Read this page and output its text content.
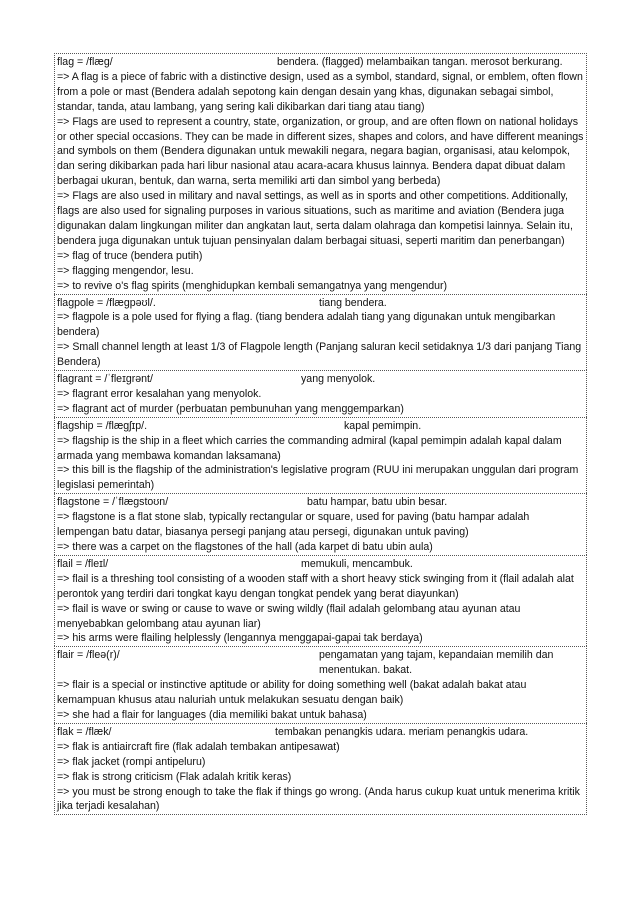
flag = /flæg/	bendera. (flagged) melambaikan tangan. merosot berkurang.
=> A flag is a piece of fabric with a distinctive design, used as a symbol, standard, signal, or emblem, often flown from a pole or mast (Bendera adalah sepotong kain dengan desain yang khas, digunakan sebagai simbol, standar, tanda, atau lambang, yang sering kali dikibarkan dari tiang atau tiang)
=> Flags are used to represent a country, state, organization, or group, and are often flown on national holidays or other special occasions. They can be made in different sizes, shapes and colors, and have different meanings and symbols on them (Bendera digunakan untuk mewakili negara, negara bagian, organisasi, atau kelompok, dan sering dikibarkan pada hari libur nasional atau acara-acara khusus lainnya. Bendera dapat dibuat dalam berbagai ukuran, bentuk, dan warna, serta memiliki arti dan simbol yang berbeda)
=> Flags are also used in military and naval settings, as well as in sports and other competitions. Additionally, flags are also used for signaling purposes in various situations, such as maritime and aviation (Bendera juga digunakan dalam lingkungan militer dan angkatan laut, serta dalam olahraga dan kompetisi lainnya. Selain itu, bendera juga digunakan untuk tujuan pensinyalan dalam berbagai situasi, seperti maritim dan penerbangan)
=> flag of truce (bendera putih)
=> flagging mengendor, lesu.
=> to revive o's flag spirits (menghidupkan kembali semangatnya yang mengendur)
flagpole = /flægpəʊl/.	tiang bendera.
=> flagpole is a pole used for flying a flag. (tiang bendera adalah tiang yang digunakan untuk mengibarkan bendera)
=> Small channel length at least 1/3 of Flagpole length (Panjang saluran kecil setidaknya 1/3 dari panjang Tiang Bendera)
flagrant = /ˈfleɪɡrənt/	yang menyolok.
=> flagrant error kesalahan yang menyolok.
=> flagrant act of murder (perbuatan pembunuhan yang menggemparkan)
flagship = /flægʃɪp/.	kapal pemimpin.
=> flagship is the ship in a fleet which carries the commanding admiral (kapal pemimpin adalah kapal dalam armada yang membawa komandan laksamana)
=> this bill is the flagship of the administration's legislative program (RUU ini merupakan unggulan dari program legislasi pemerintah)
flagstone = /ˈflæɡstoʊn/	batu hampar, batu ubin besar.
=> flagstone is a flat stone slab, typically rectangular or square, used for paving (batu hampar adalah lempengan batu datar, biasanya persegi panjang atau persegi, digunakan untuk paving)
=> there was a carpet on the flagstones of the hall (ada karpet di batu ubin aula)
flail = /fleɪl/	memukuli, mencambuk.
=> flail is a threshing tool consisting of a wooden staff with a short heavy stick swinging from it (flail adalah alat perontok yang terdiri dari tongkat kayu dengan tongkat pendek yang berat diayunkan)
=> flail is wave or swing or cause to wave or swing wildly (flail adalah gelombang atau ayunan atau menyebabkan gelombang atau ayunan liar)
=> his arms were flailing helplessly (lengannya menggapai-gapai tak berdaya)
flair = /fleə(r)/	pengamatan yang tajam, kepandaian memilih dan menentukan. bakat.
=> flair is a special or instinctive aptitude or ability for doing something well (bakat adalah bakat atau kemampuan khusus atau naluriah untuk melakukan sesuatu dengan baik)
=> she had a flair for languages (dia memiliki bakat untuk bahasa)
flak = /flæk/	tembakan penangkis udara. meriam penangkis udara.
=> flak is antiaircraft fire (flak adalah tembakan antipesawat)
=> flak jacket (rompi antipeluru)
=> flak is strong criticism (Flak adalah kritik keras)
=> you must be strong enough to take the flak if things go wrong. (Anda harus cukup kuat untuk menerima kritik jika terjadi kesalahan)
